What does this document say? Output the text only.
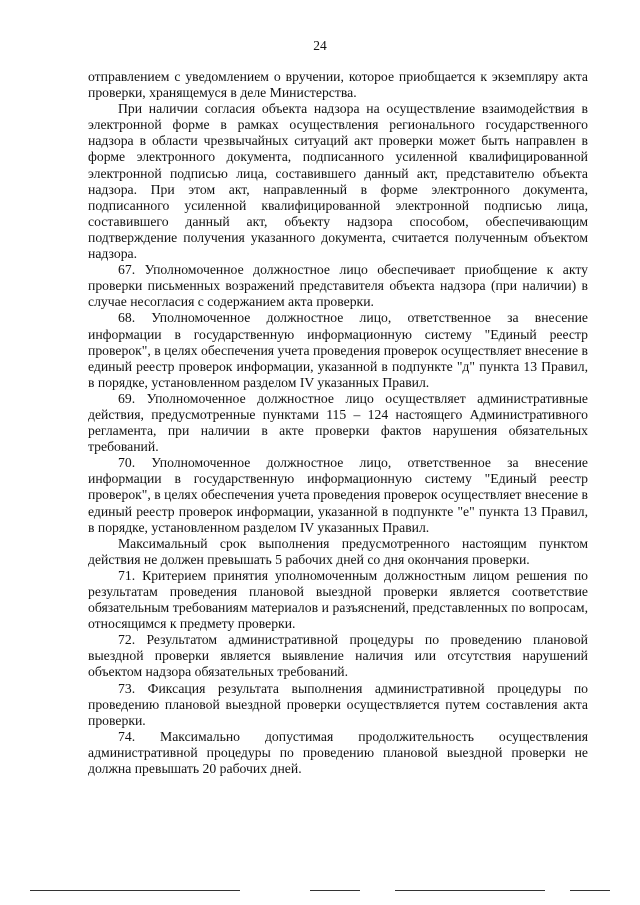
24

отправлением с уведомлением о вручении, которое приобщается к экземпляру акта проверки, хранящемуся в деле Министерства.

При наличии согласия объекта надзора на осуществление взаимодействия в электронной форме в рамках осуществления регионального государственного надзора в области чрезвычайных ситуаций акт проверки может быть направлен в форме электронного документа, подписанного усиленной квалифицированной электронной подписью лица, составившего данный акт, представителю объекта надзора. При этом акт, направленный в форме электронного документа, подписанного усиленной квалифицированной электронной подписью лица, составившего данный акт, объекту надзора способом, обеспечивающим подтверждение получения указанного документа, считается полученным объектом надзора.

67. Уполномоченное должностное лицо обеспечивает приобщение к акту проверки письменных возражений представителя объекта надзора (при наличии) в случае несогласия с содержанием акта проверки.

68. Уполномоченное должностное лицо, ответственное за внесение информации в государственную информационную систему "Единый реестр проверок", в целях обеспечения учета проведения проверок осуществляет внесение в единый реестр проверок информации, указанной в подпункте "д" пункта 13 Правил, в порядке, установленном разделом IV указанных Правил.

69. Уполномоченное должностное лицо осуществляет административные действия, предусмотренные пунктами 115 – 124 настоящего Административного регламента, при наличии в акте проверки фактов нарушения обязательных требований.

70. Уполномоченное должностное лицо, ответственное за внесение информации в государственную информационную систему "Единый реестр проверок", в целях обеспечения учета проведения проверок осуществляет внесение в единый реестр проверок информации, указанной в подпункте "е" пункта 13 Правил, в порядке, установленном разделом IV указанных Правил.

Максимальный срок выполнения предусмотренного настоящим пунктом действия не должен превышать 5 рабочих дней со дня окончания проверки.

71. Критерием принятия уполномоченным должностным лицом решения по результатам проведения плановой выездной проверки является соответствие обязательным требованиям материалов и разъяснений, представленных по вопросам, относящимся к предмету проверки.

72. Результатом административной процедуры по проведению плановой выездной проверки является выявление наличия или отсутствия нарушений объектом надзора обязательных требований.

73. Фиксация результата выполнения административной процедуры по проведению плановой выездной проверки осуществляется путем составления акта проверки.

74. Максимально допустимая продолжительность осуществления административной процедуры по проведению плановой выездной проверки не должна превышать 20 рабочих дней.
